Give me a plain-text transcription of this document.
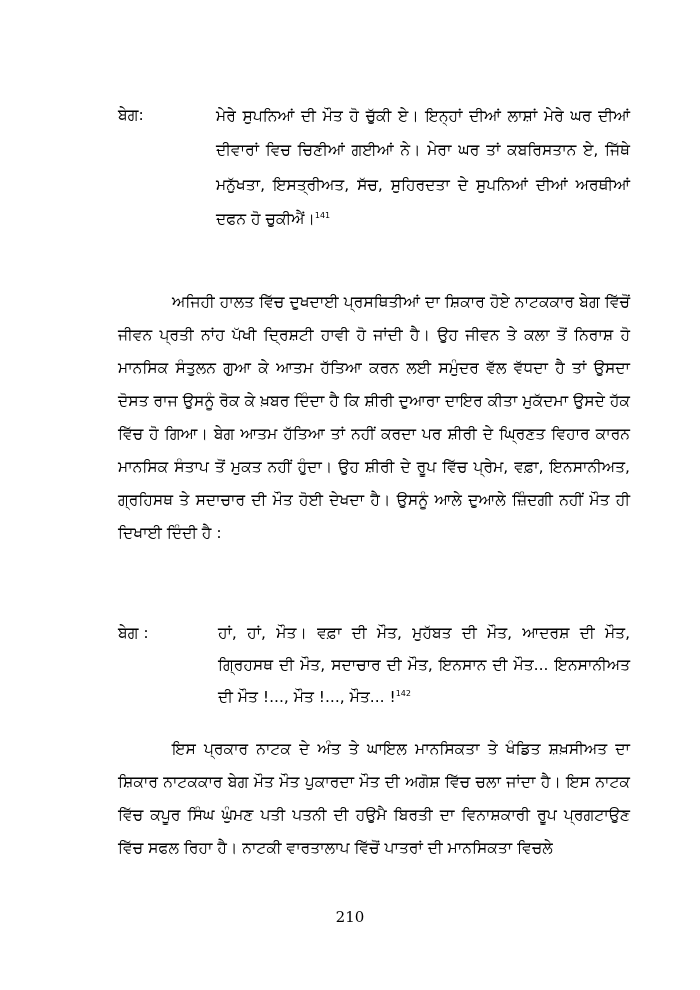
ਬੇਗ:	ਮੇਰੇ ਸੁਪਨਿਆਂ ਦੀ ਮੌਤ ਹੋ ਚੁੱਕੀ ਏ। ਇਨ੍ਹਾਂ ਦੀਆਂ ਲਾਸ਼ਾਂ ਮੇਰੇ ਘਰ ਦੀਆਂ ਦੀਵਾਰਾਂ ਵਿਚ ਚਿਣੀਆਂ ਗਈਆਂ ਨੇ। ਮੇਰਾ ਘਰ ਤਾਂ ਕਬਰਿਸਤਾਨ ਏ, ਜਿੱਥੇ ਮਨੁੱਖਤਾ, ਇਸਤ੍ਰੀਅਤ, ਸੱਚ, ਸੁਹਿਰਦਤਾ ਦੇ ਸੁਪਨਿਆਂ ਦੀਆਂ ਅਰਥੀਆਂ ਦਫਨ ਹੋ ਚੁਕੀਐਂ।$^{141}$

ਅਜਿਹੀ ਹਾਲਤ ਵਿੱਚ ਦੁਖਦਾਈ ਪ੍ਰਸਥਿਤੀਆਂ ਦਾ ਸ਼ਿਕਾਰ ਹੋਏ ਨਾਟਕਕਾਰ ਬੇਗ ਵਿੱਚੋਂ ਜੀਵਨ ਪ੍ਰਤੀ ਨਾਂਹ ਪੱਖੀ ਦ੍ਰਿਸ਼ਟੀ ਹਾਵੀ ਹੋ ਜਾਂਦੀ ਹੈ। ਉਹ ਜੀਵਨ ਤੇ ਕਲਾ ਤੋਂ ਨਿਰਾਸ਼ ਹੋ ਮਾਨਸਿਕ ਸੰਤੁਲਨ ਗੁਆ ਕੇ ਆਤਮ ਹੱਤਿਆ ਕਰਨ ਲਈ ਸਮੁੰਦਰ ਵੱਲ ਵੱਧਦਾ ਹੈ ਤਾਂ ਉਸਦਾ ਦੋਸਤ ਰਾਜ ਉਸਨੂੰ ਰੋਕ ਕੇ ਖ਼ਬਰ ਦਿੰਦਾ ਹੈ ਕਿ ਸ਼ੀਰੀ ਦੁਆਰਾ ਦਾਇਰ ਕੀਤਾ ਮੁਕੱਦਮਾ ਉਸਦੇ ਹੱਕ ਵਿੱਚ ਹੋ ਗਿਆ। ਬੇਗ ਆਤਮ ਹੱਤਿਆ ਤਾਂ ਨਹੀਂ ਕਰਦਾ ਪਰ ਸ਼ੀਰੀ ਦੇ ਘ੍ਰਿਣਤ ਵਿਹਾਰ ਕਾਰਨ ਮਾਨਸਿਕ ਸੰਤਾਪ ਤੋਂ ਮੁਕਤ ਨਹੀਂ ਹੁੰਦਾ। ਉਹ ਸ਼ੀਰੀ ਦੇ ਰੂਪ ਵਿੱਚ ਪ੍ਰੇਮ, ਵਫ਼ਾ, ਇਨਸਾਨੀਅਤ, ਗ੍ਰਹਿਸਥ ਤੇ ਸਦਾਚਾਰ ਦੀ ਮੌਤ ਹੋਈ ਦੇਖਦਾ ਹੈ। ਉਸਨੂੰ ਆਲੇ ਦੁਆਲੇ ਜ਼ਿੰਦਗੀ ਨਹੀਂ ਮੌਤ ਹੀ ਦਿਖਾਈ ਦਿੰਦੀ ਹੈ :

ਬੇਗ :	ਹਾਂ, ਹਾਂ, ਮੌਤ। ਵਫ਼ਾ ਦੀ ਮੌਤ, ਮੁਹੱਬਤ ਦੀ ਮੌਤ, ਆਦਰਸ਼ ਦੀ ਮੌਤ, ਗ੍ਰਿਹਸਥ ਦੀ ਮੌਤ, ਸਦਾਚਾਰ ਦੀ ਮੌਤ, ਇਨਸਾਨ ਦੀ ਮੌਤ... ਇਨਸਾਨੀਅਤ ਦੀ ਮੌਤ !..., ਮੌਤ !..., ਮੌਤ... !$^{142}$

ਇਸ ਪ੍ਰਕਾਰ ਨਾਟਕ ਦੇ ਅੰਤ ਤੇ ਘਾਇਲ ਮਾਨਸਿਕਤਾ ਤੇ ਖੰਡਿਤ ਸ਼ਖ਼ਸੀਅਤ ਦਾ ਸ਼ਿਕਾਰ ਨਾਟਕਕਾਰ ਬੇਗ ਮੌਤ ਮੌਤ ਪੁਕਾਰਦਾ ਮੌਤ ਦੀ ਅਗੋਸ਼ ਵਿੱਚ ਚਲਾ ਜਾਂਦਾ ਹੈ। ਇਸ ਨਾਟਕ ਵਿੱਚ ਕਪੂਰ ਸਿੰਘ ਘੁੰਮਣ ਪਤੀ ਪਤਨੀ ਦੀ ਹਉਮੈ ਬਿਰਤੀ ਦਾ ਵਿਨਾਸ਼ਕਾਰੀ ਰੂਪ ਪ੍ਰਗਟਾਉਣ ਵਿੱਚ ਸਫਲ ਰਿਹਾ ਹੈ। ਨਾਟਕੀ ਵਾਰਤਾਲਾਪ ਵਿੱਚੋਂ ਪਾਤਰਾਂ ਦੀ ਮਾਨਸਿਕਤਾ ਵਿਚਲੇ

210
